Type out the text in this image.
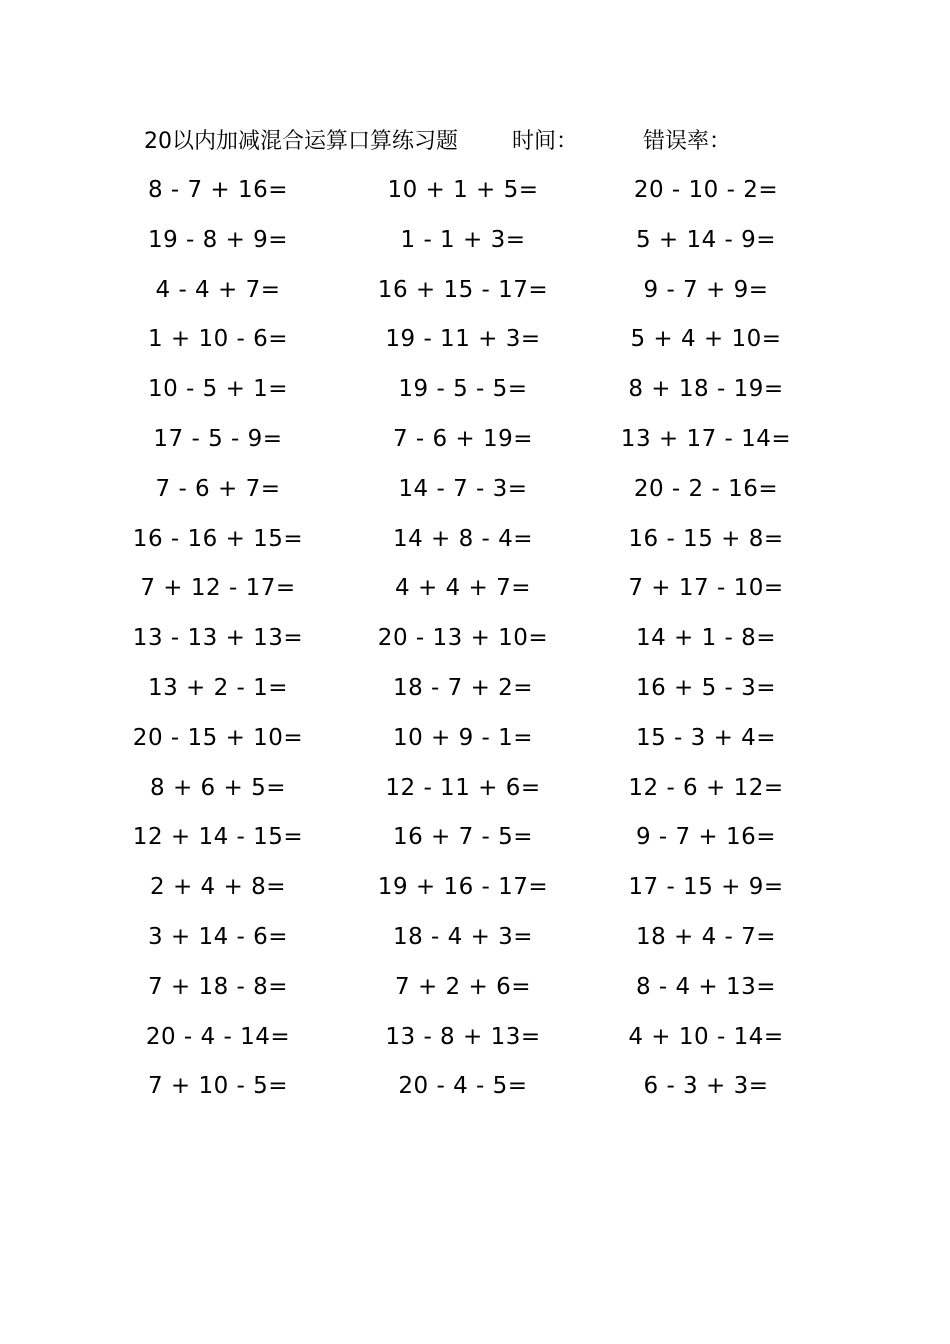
20以内加减混合运算口算练习题 时间：	错误率：
8 - 7 + 16=	10 + 1 + 5=	20 - 10 - 2=
19 - 8 + 9=	1 - 1 + 3=	5 + 14 - 9=
4 - 4 + 7=	16 + 15 - 17=	9 - 7 + 9=
1 + 10 - 6=	19 - 11 + 3=	5 + 4 + 10=
10 - 5 + 1=	19 - 5 - 5=	8 + 18 - 19=
17 - 5 - 9=	7 - 6 + 19=	13 + 17 - 14=
7 - 6 + 7=	14 - 7 - 3=	20 - 2 - 16=
16 - 16 + 15=	14 + 8 - 4=	16 - 15 + 8=
7 + 12 - 17=	4 + 4 + 7=	7 + 17 - 10=
13 - 13 + 13=	20 - 13 + 10=	14 + 1 - 8=
13 + 2 - 1=	18 - 7 + 2=	16 + 5 - 3=
20 - 15 + 10=	10 + 9 - 1=	15 - 3 + 4=
8 + 6 + 5=	12 - 11 + 6=	12 - 6 + 12=
12 + 14 - 15=	16 + 7 - 5=	9 - 7 + 16=
2 + 4 + 8=	19 + 16 - 17=	17 - 15 + 9=
3 + 14 - 6=	18 - 4 + 3=	18 + 4 - 7=
7 + 18 - 8=	7 + 2 + 6=	8 - 4 + 13=
20 - 4 - 14=	13 - 8 + 13=	4 + 10 - 14=
7 + 10 - 5=	20 - 4 - 5=	6 - 3 + 3=
